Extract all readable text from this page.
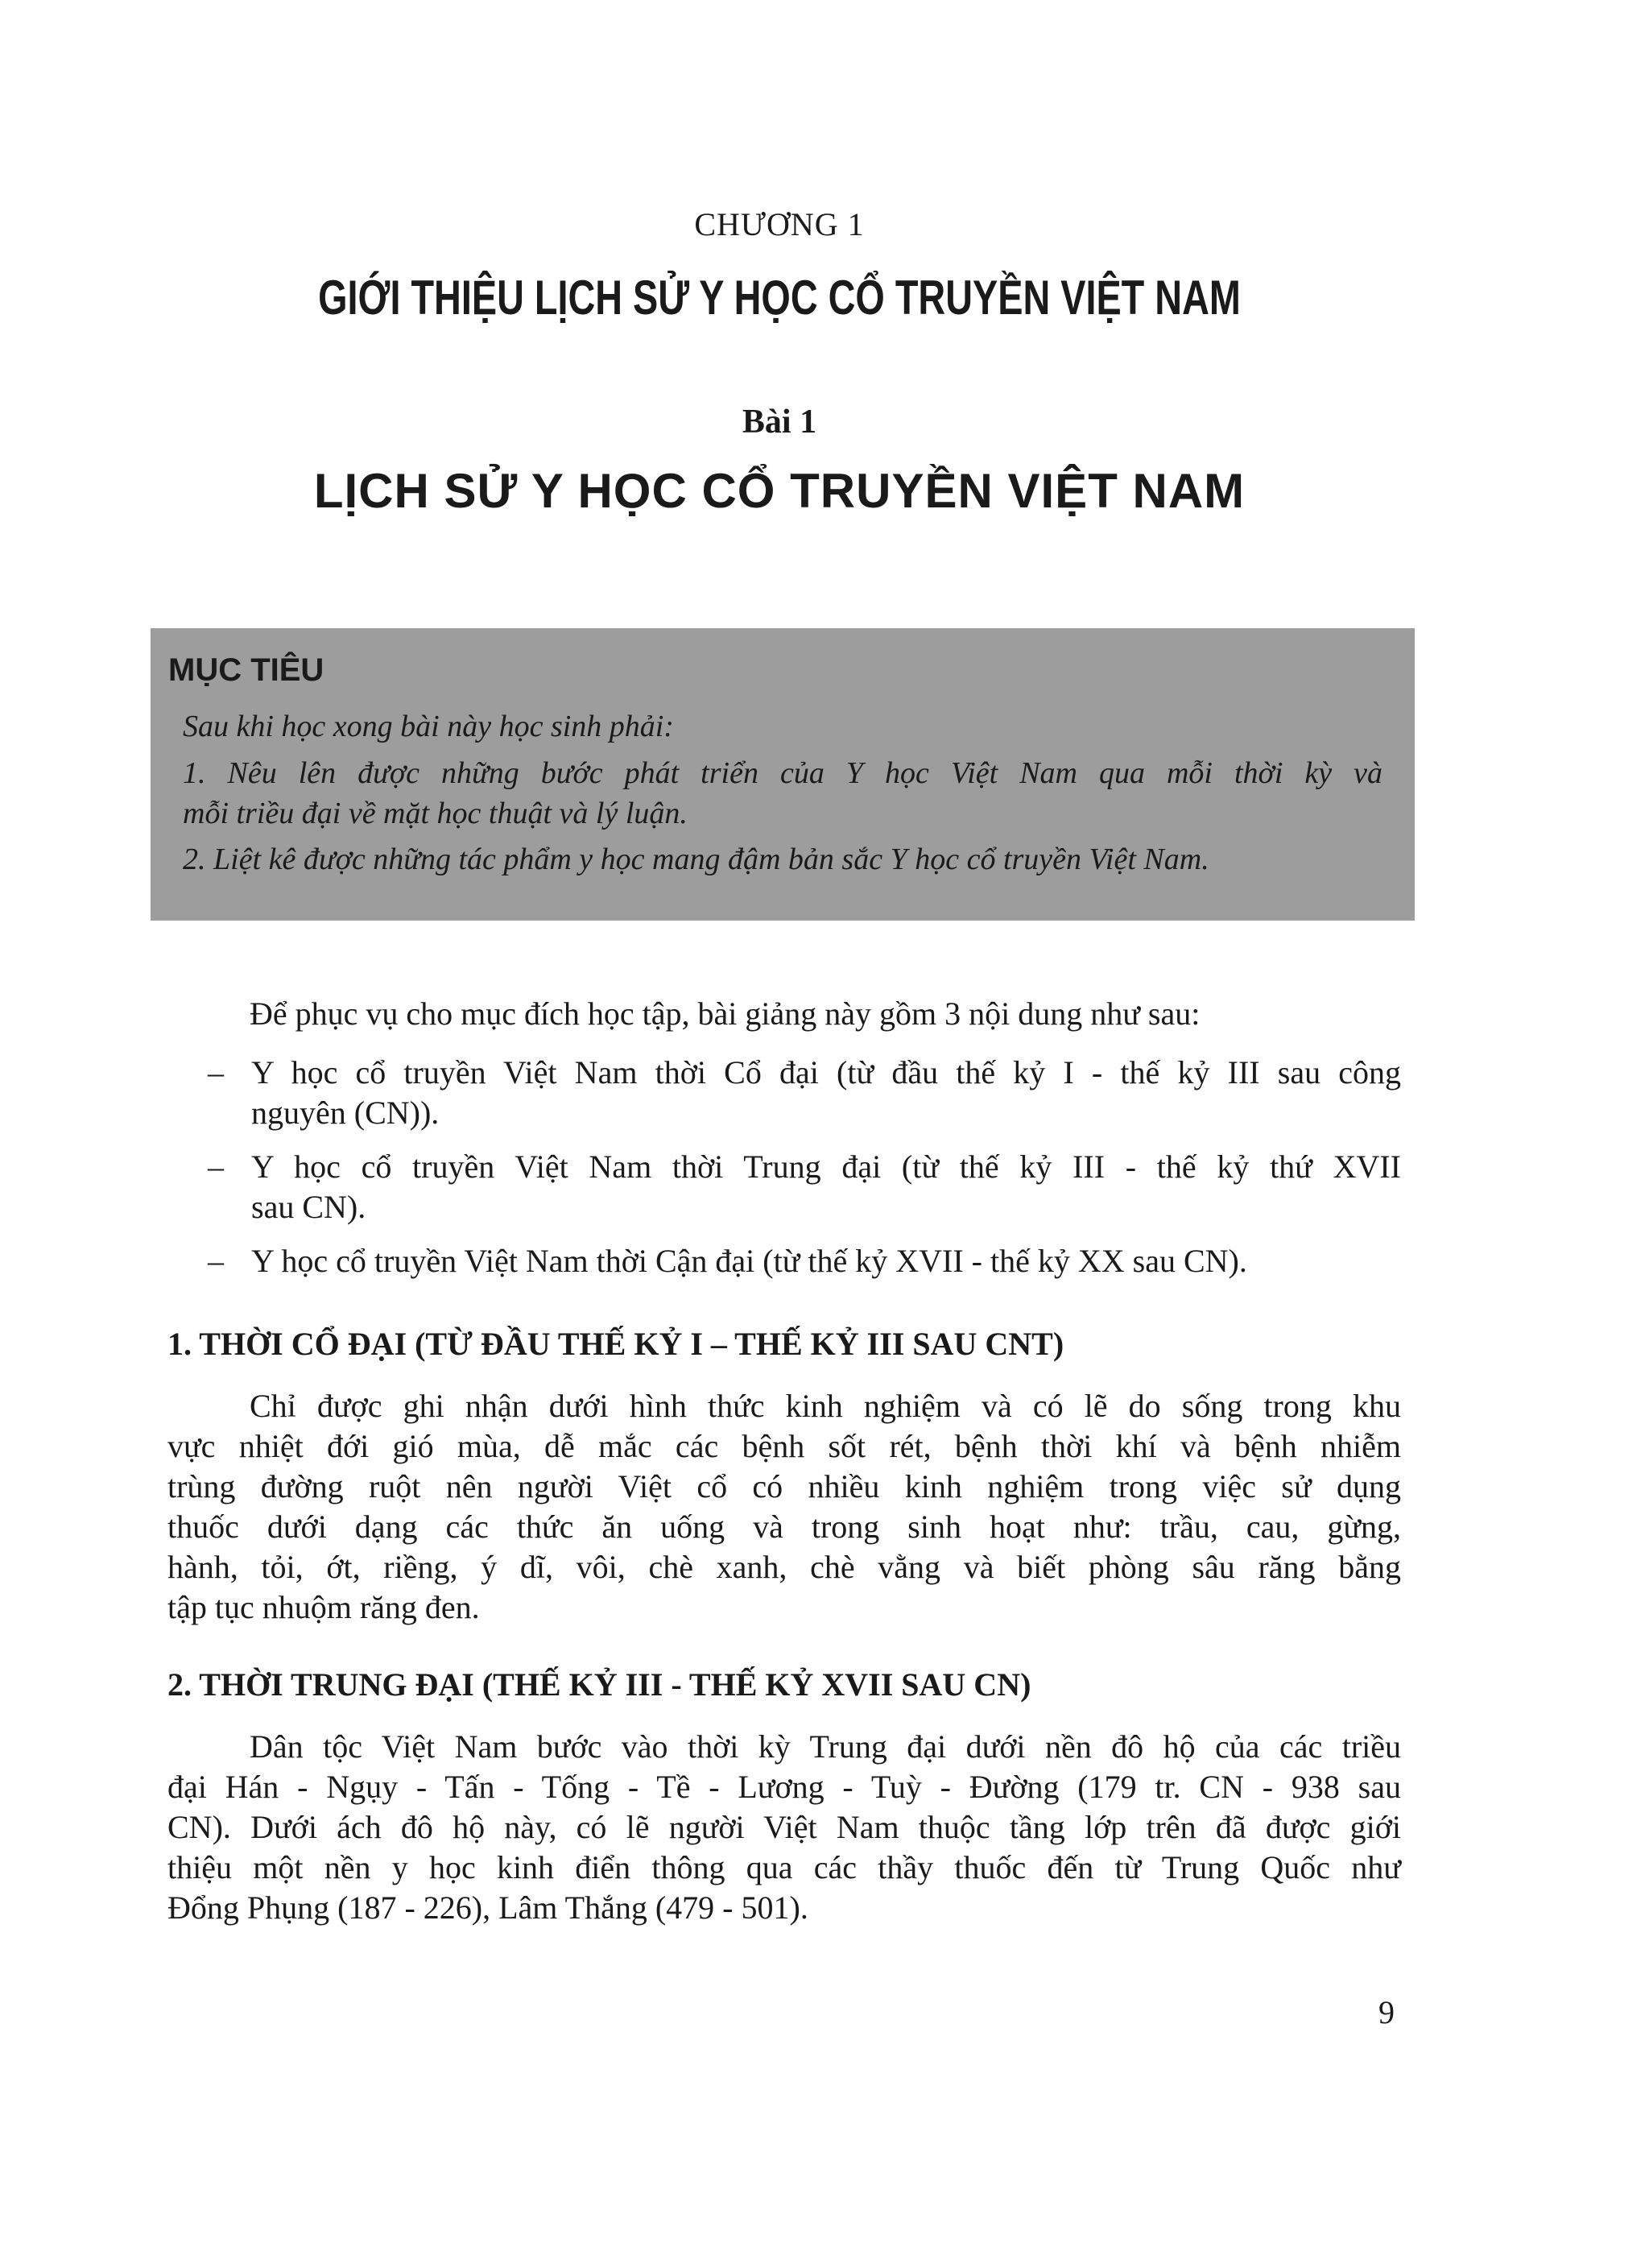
CHƯƠNG 1
GIỚI THIỆU LỊCH SỬ Y HỌC CỔ TRUYỀN VIỆT NAM
Bài 1
LỊCH SỬ Y HỌC CỔ TRUYỀN VIỆT NAM
MỤC TIÊU
Sau khi học xong bài này học sinh phải:
1. Nêu lên được những bước phát triển của Y học Việt Nam qua mỗi thời kỳ và
mỗi triều đại về mặt học thuật và lý luận.
2. Liệt kê được những tác phẩm y học mang đậm bản sắc Y học cổ truyền Việt Nam.
Để phục vụ cho mục đích học tập, bài giảng này gồm 3 nội dung như sau:
– Y học cổ truyền Việt Nam thời Cổ đại (từ đầu thế kỷ I - thế kỷ III sau công
nguyên (CN)).
– Y học cổ truyền Việt Nam thời Trung đại (từ thế kỷ III - thế kỷ thứ XVII
sau CN).
– Y học cổ truyền Việt Nam thời Cận đại (từ thế kỷ XVII - thế kỷ XX sau CN).
1. THỜI CỔ ĐẠI (TỪ ĐẦU THẾ KỶ I – THẾ KỶ III SAU CNT)
Chỉ được ghi nhận dưới hình thức kinh nghiệm và có lẽ do sống trong khu
vực nhiệt đới gió mùa, dễ mắc các bệnh sốt rét, bệnh thời khí và bệnh nhiễm
trùng đường ruột nên người Việt cổ có nhiều kinh nghiệm trong việc sử dụng
thuốc dưới dạng các thức ăn uống và trong sinh hoạt như: trầu, cau, gừng,
hành, tỏi, ớt, riềng, ý dĩ, vôi, chè xanh, chè vằng và biết phòng sâu răng bằng
tập tục nhuộm răng đen.
2. THỜI TRUNG ĐẠI (THẾ KỶ III - THẾ KỶ XVII SAU CN)
Dân tộc Việt Nam bước vào thời kỳ Trung đại dưới nền đô hộ của các triều
đại Hán - Ngụy - Tấn - Tống - Tề - Lương - Tuỳ - Đường (179 tr. CN - 938 sau
CN). Dưới ách đô hộ này, có lẽ người Việt Nam thuộc tầng lớp trên đã được giới
thiệu một nền y học kinh điển thông qua các thầy thuốc đến từ Trung Quốc như
Đổng Phụng (187 - 226), Lâm Thắng (479 - 501).
9
